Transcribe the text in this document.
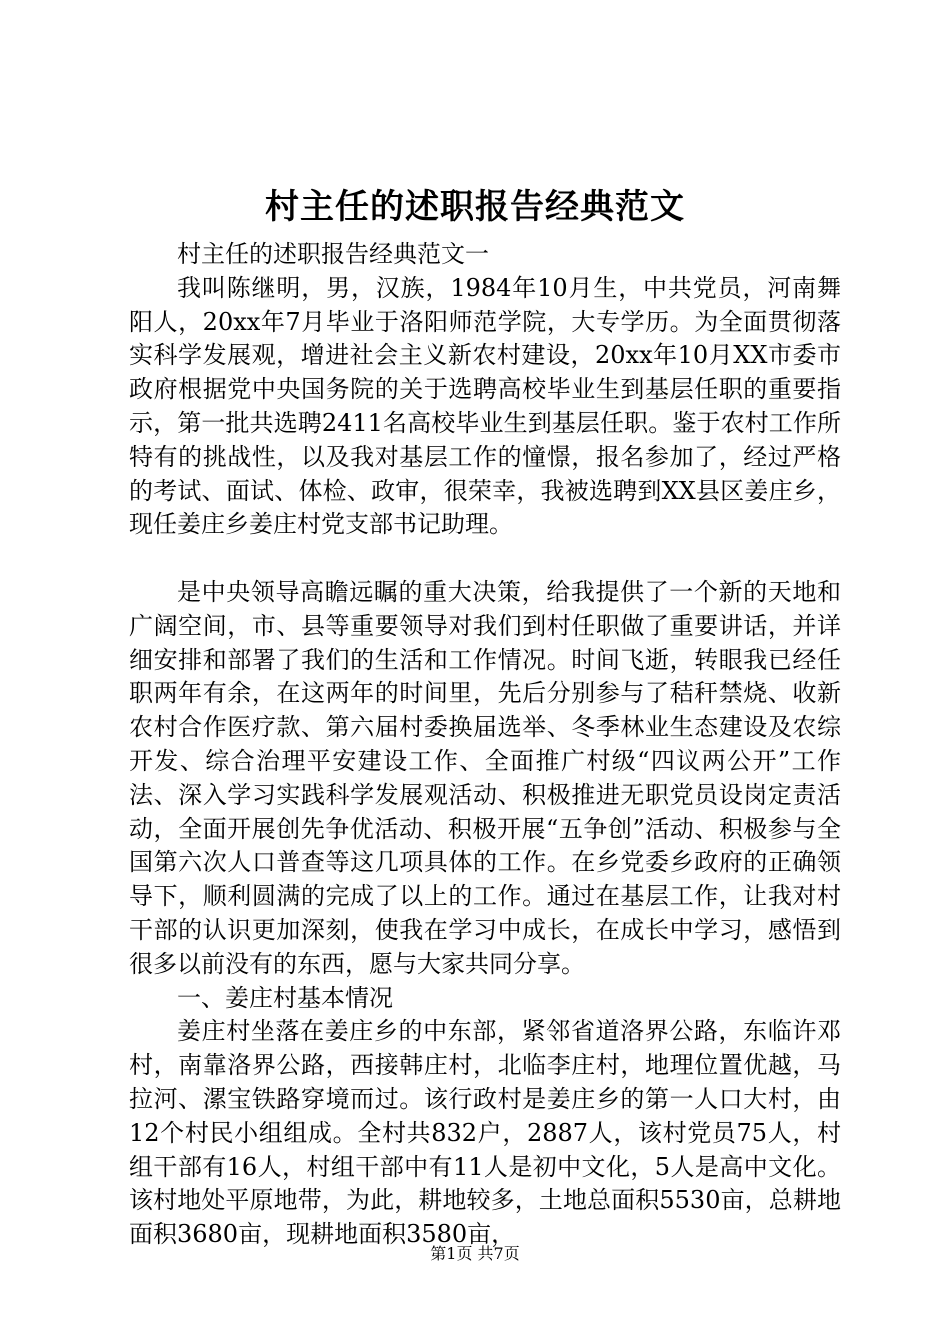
村主任的述职报告经典范文

村主任的述职报告经典范文一

我叫陈继明，男，汉族，1984年10月生，中共党员，河南舞阳人，20xx年7月毕业于洛阳师范学院，大专学历。为全面贯彻落实科学发展观，增进社会主义新农村建设，20xx年10月XX市委市政府根据党中央国务院的关于选聘高校毕业生到基层任职的重要指示，第一批共选聘2411名高校毕业生到基层任职。鉴于农村工作所特有的挑战性，以及我对基层工作的憧憬，报名参加了，经过严格的考试、面试、体检、政审，很荣幸，我被选聘到XX县区姜庄乡，现任姜庄乡姜庄村党支部书记助理。

是中央领导高瞻远瞩的重大决策，给我提供了一个新的天地和广阔空间，市、县等重要领导对我们到村任职做了重要讲话，并详细安排和部署了我们的生活和工作情况。时间飞逝，转眼我已经任职两年有余，在这两年的时间里，先后分别参与了秸秆禁烧、收新农村合作医疗款、第六届村委换届选举、冬季林业生态建设及农综开发、综合治理平安建设工作、全面推广村级“四议两公开”工作法、深入学习实践科学发展观活动、积极推进无职党员设岗定责活动，全面开展创先争优活动、积极开展“五争创”活动、积极参与全国第六次人口普查等这几项具体的工作。在乡党委乡政府的正确领导下，顺利圆满的完成了以上的工作。通过在基层工作，让我对村干部的认识更加深刻，使我在学习中成长，在成长中学习，感悟到很多以前没有的东西，愿与大家共同分享。

一、姜庄村基本情况

姜庄村坐落在姜庄乡的中东部，紧邻省道洛界公路，东临许邓村，南靠洛界公路，西接韩庄村，北临李庄村，地理位置优越，马拉河、漯宝铁路穿境而过。该行政村是姜庄乡的第一人口大村，由12个村民小组组成。全村共832户，2887人，该村党员75人，村组干部有16人，村组干部中有11人是初中文化，5人是高中文化。该村地处平原地带，为此，耕地较多，土地总面积5530亩，总耕地面积3680亩，现耕地面积3580亩，

第1页 共7页
